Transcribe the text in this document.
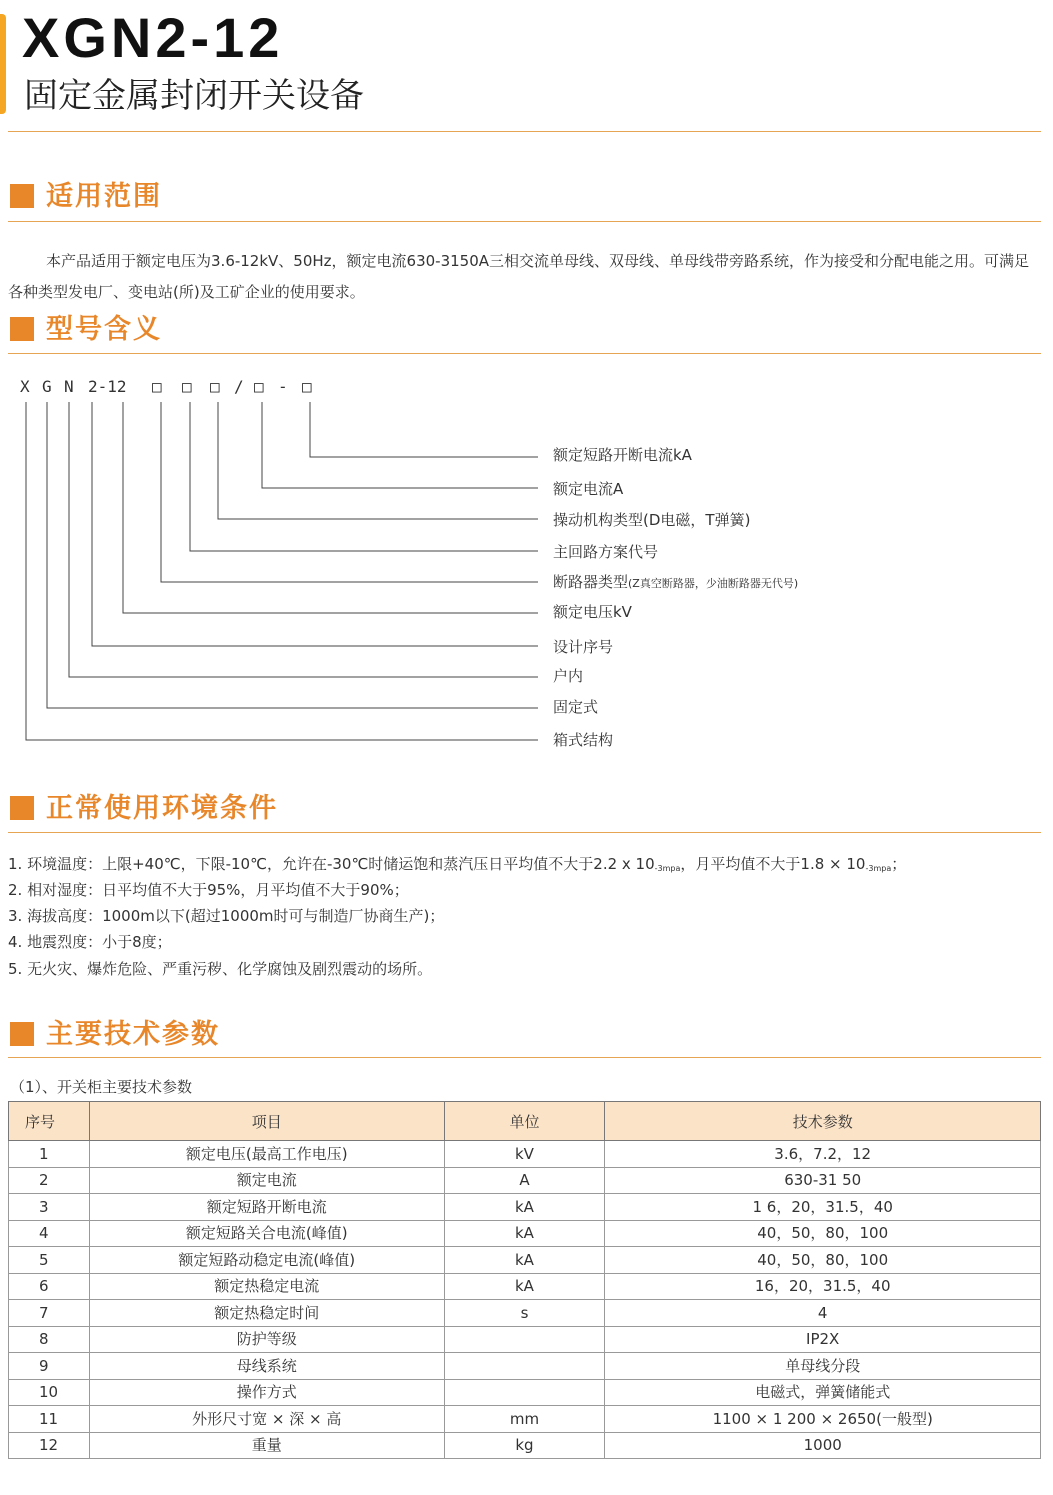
XGN2-12
固定金属封闭开关设备
适用范围
本产品适用于额定电压为3.6-12kV、50Hz，额定电流630-3150A三相交流单母线、双母线、单母线带旁路系统，作为接受和分配电能之用。可满足各种类型发电厂、变电站(所)及工矿企业的使用要求。
型号含义
X G N 2-12 □ □ □ / □ - □
额定短路开断电流kA
额定电流A
操动机构类型(D电磁，T弹簧)
主回路方案代号
断路器类型(Z真空断路器，少油断路器无代号)
额定电压kV
设计序号
户内
固定式
箱式结构
正常使用环境条件
1. 环境温度：上限+40℃，下限-10℃，允许在-30℃时储运饱和蒸汽压日平均值不大于2.2 x $10_{-3mpa}$，月平均值不大于$1.8 \times 10_{-3mpa}$；
2. 相对湿度：日平均值不大于95%，月平均值不大于90%；
3. 海拔高度：1000m以下(超过1000m时可与制造厂协商生产)；
4. 地震烈度：小于8度；
5. 无火灾、爆炸危险、严重污秽、化学腐蚀及剧烈震动的场所。
主要技术参数
（1）、开关柜主要技术参数
序号	项目	单位	技术参数
1	额定电压(最高工作电压)	kV	3.6，7.2，12
2	额定电流	A	630-31 50
3	额定短路开断电流	kA	1 6，20，31.5，40
4	额定短路关合电流(峰值)	kA	40，50，80，100
5	额定短路动稳定电流(峰值)	kA	40，50，80，100
6	额定热稳定电流	kA	16，20，31.5，40
7	额定热稳定时间	s	4
8	防护等级		IP2X
9	母线系统		单母线分段
10	操作方式		电磁式，弹簧储能式
11	外形尺寸宽 × 深 × 高	mm	1100 × 1 200 × 2650(一般型)
12	重量	kg	1000
